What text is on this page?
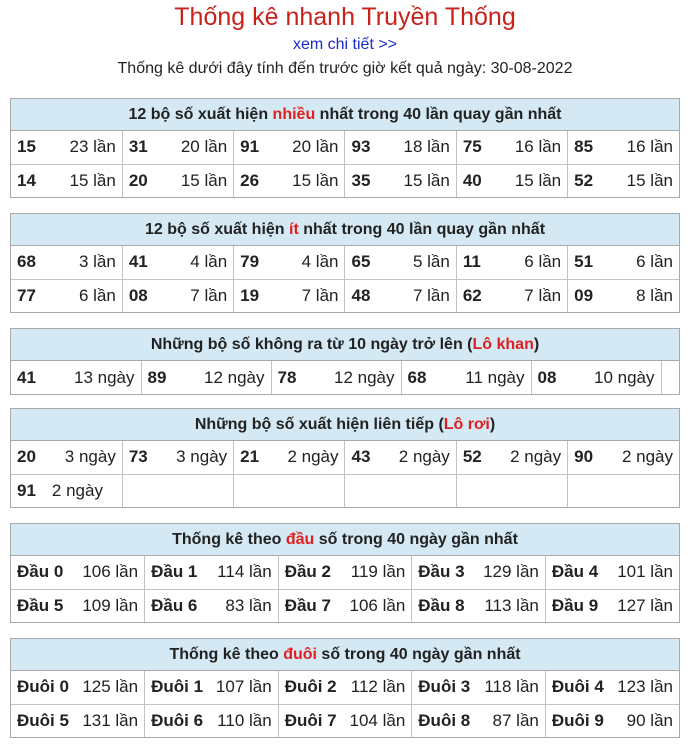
Thống kê nhanh Truyền Thống
xem chi tiết >>
Thống kê dưới đây tính đến trước giờ kết quả ngày: 30-08-2022
12 bộ số xuất hiện nhiều nhất trong 40 lần quay gần nhất
15 23 lần	31 20 lần	91 20 lần	93 18 lần	75 16 lần	85 16 lần

14 15 lần	20 15 lần	26 15 lần	35 15 lần	40 15 lần	52 15 lần
12 bộ số xuất hiện ít nhất trong 40 lần quay gần nhất
68 3 lần	41 4 lần	79 4 lần	65 5 lần	11 6 lần	51 6 lần

77 6 lần	08 7 lần	19 7 lần	48 7 lần	62 7 lần	09 8 lần
Những bộ số không ra từ 10 ngày trở lên (Lô khan)
41 13 ngày	89 12 ngày	78 12 ngày	68 11 ngày	08 10 ngày

Những bộ số xuất hiện liên tiếp (Lô rơi)
20 3 ngày	73 3 ngày	21 2 ngày	43 2 ngày	52 2 ngày	90 2 ngày

91 2 ngày					
Thống kê theo đầu số trong 40 ngày gần nhất
Đầu 0 106 lần	Đầu 1 114 lần	Đầu 2 119 lần	Đầu 3 129 lần	Đầu 4 101 lần

Đầu 5 109 lần	Đầu 6 83 lần	Đầu 7 106 lần	Đầu 8 113 lần	Đầu 9 127 lần
Thống kê theo đuôi số trong 40 ngày gần nhất
Đuôi 0 125 lần	Đuôi 1 107 lần	Đuôi 2 112 lần	Đuôi 3 118 lần	Đuôi 4 123 lần

Đuôi 5 131 lần	Đuôi 6 110 lần	Đuôi 7 104 lần	Đuôi 8 87 lần	Đuôi 9 90 lần
